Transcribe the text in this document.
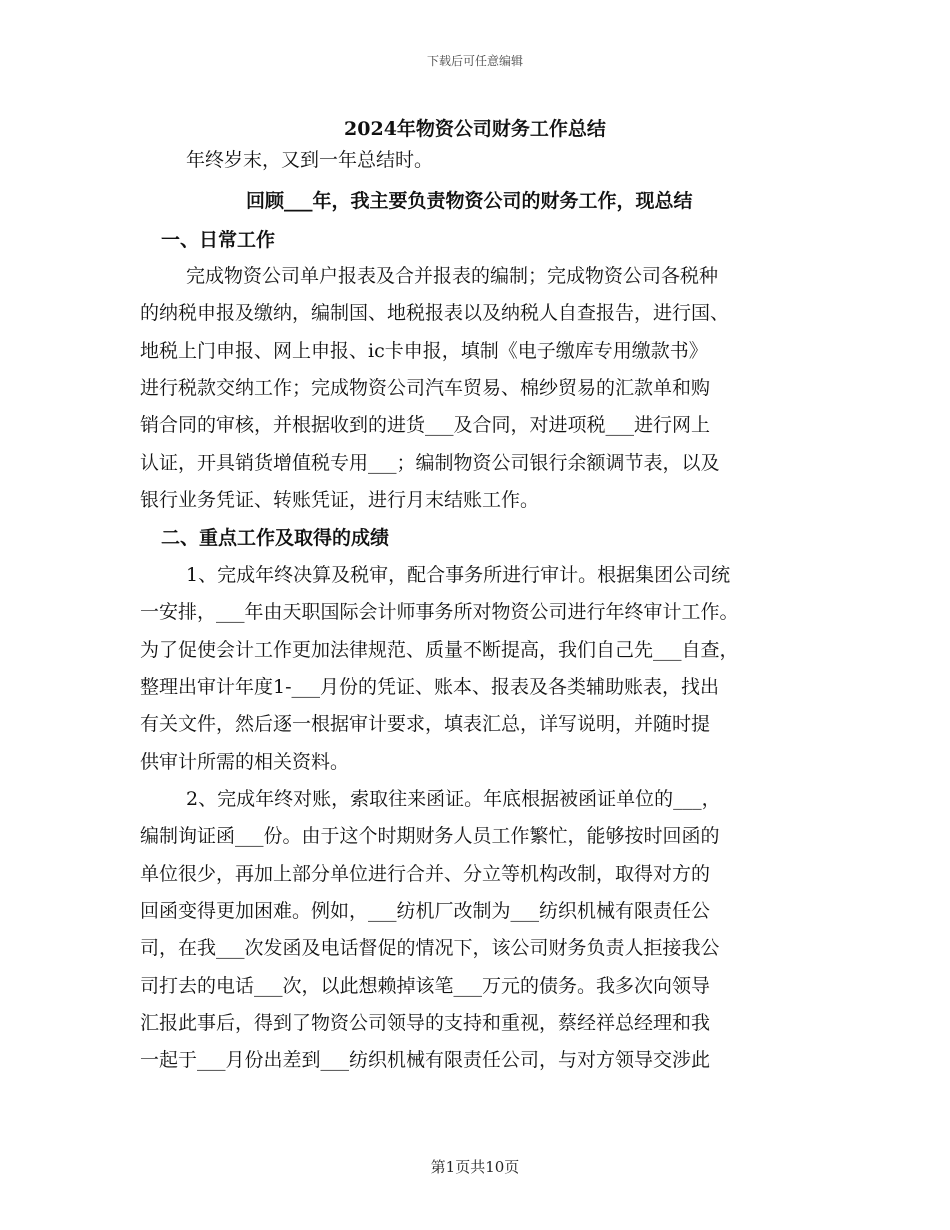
下载后可任意编辑
2024年物资公司财务工作总结
年终岁末，又到一年总结时。
回顾___年，我主要负责物资公司的财务工作，现总结
一、日常工作
完成物资公司单户报表及合并报表的编制；完成物资公司各税种
的纳税申报及缴纳，编制国、地税报表以及纳税人自查报告，进行国、
地税上门申报、网上申报、ic卡申报，填制《电子缴库专用缴款书》
进行税款交纳工作；完成物资公司汽车贸易、棉纱贸易的汇款单和购
销合同的审核，并根据收到的进货___及合同，对进项税___进行网上
认证，开具销货增值税专用___；编制物资公司银行余额调节表，以及
银行业务凭证、转账凭证，进行月末结账工作。
二、重点工作及取得的成绩
1、完成年终决算及税审，配合事务所进行审计。根据集团公司统
一安排，___年由天职国际会计师事务所对物资公司进行年终审计工作。
为了促使会计工作更加法律规范、质量不断提高，我们自己先___自查，
整理出审计年度1-___月份的凭证、账本、报表及各类辅助账表，找出
有关文件，然后逐一根据审计要求，填表汇总，详写说明，并随时提
供审计所需的相关资料。
2、完成年终对账，索取往来函证。年底根据被函证单位的___，
编制询证函___份。由于这个时期财务人员工作繁忙，能够按时回函的
单位很少，再加上部分单位进行合并、分立等机构改制，取得对方的
回函变得更加困难。例如，___纺机厂改制为___纺织机械有限责任公
司，在我___次发函及电话督促的情况下，该公司财务负责人拒接我公
司打去的电话___次，以此想赖掉该笔___万元的债务。我多次向领导
汇报此事后，得到了物资公司领导的支持和重视，蔡经祥总经理和我
一起于___月份出差到___纺织机械有限责任公司，与对方领导交涉此
第1页共10页
